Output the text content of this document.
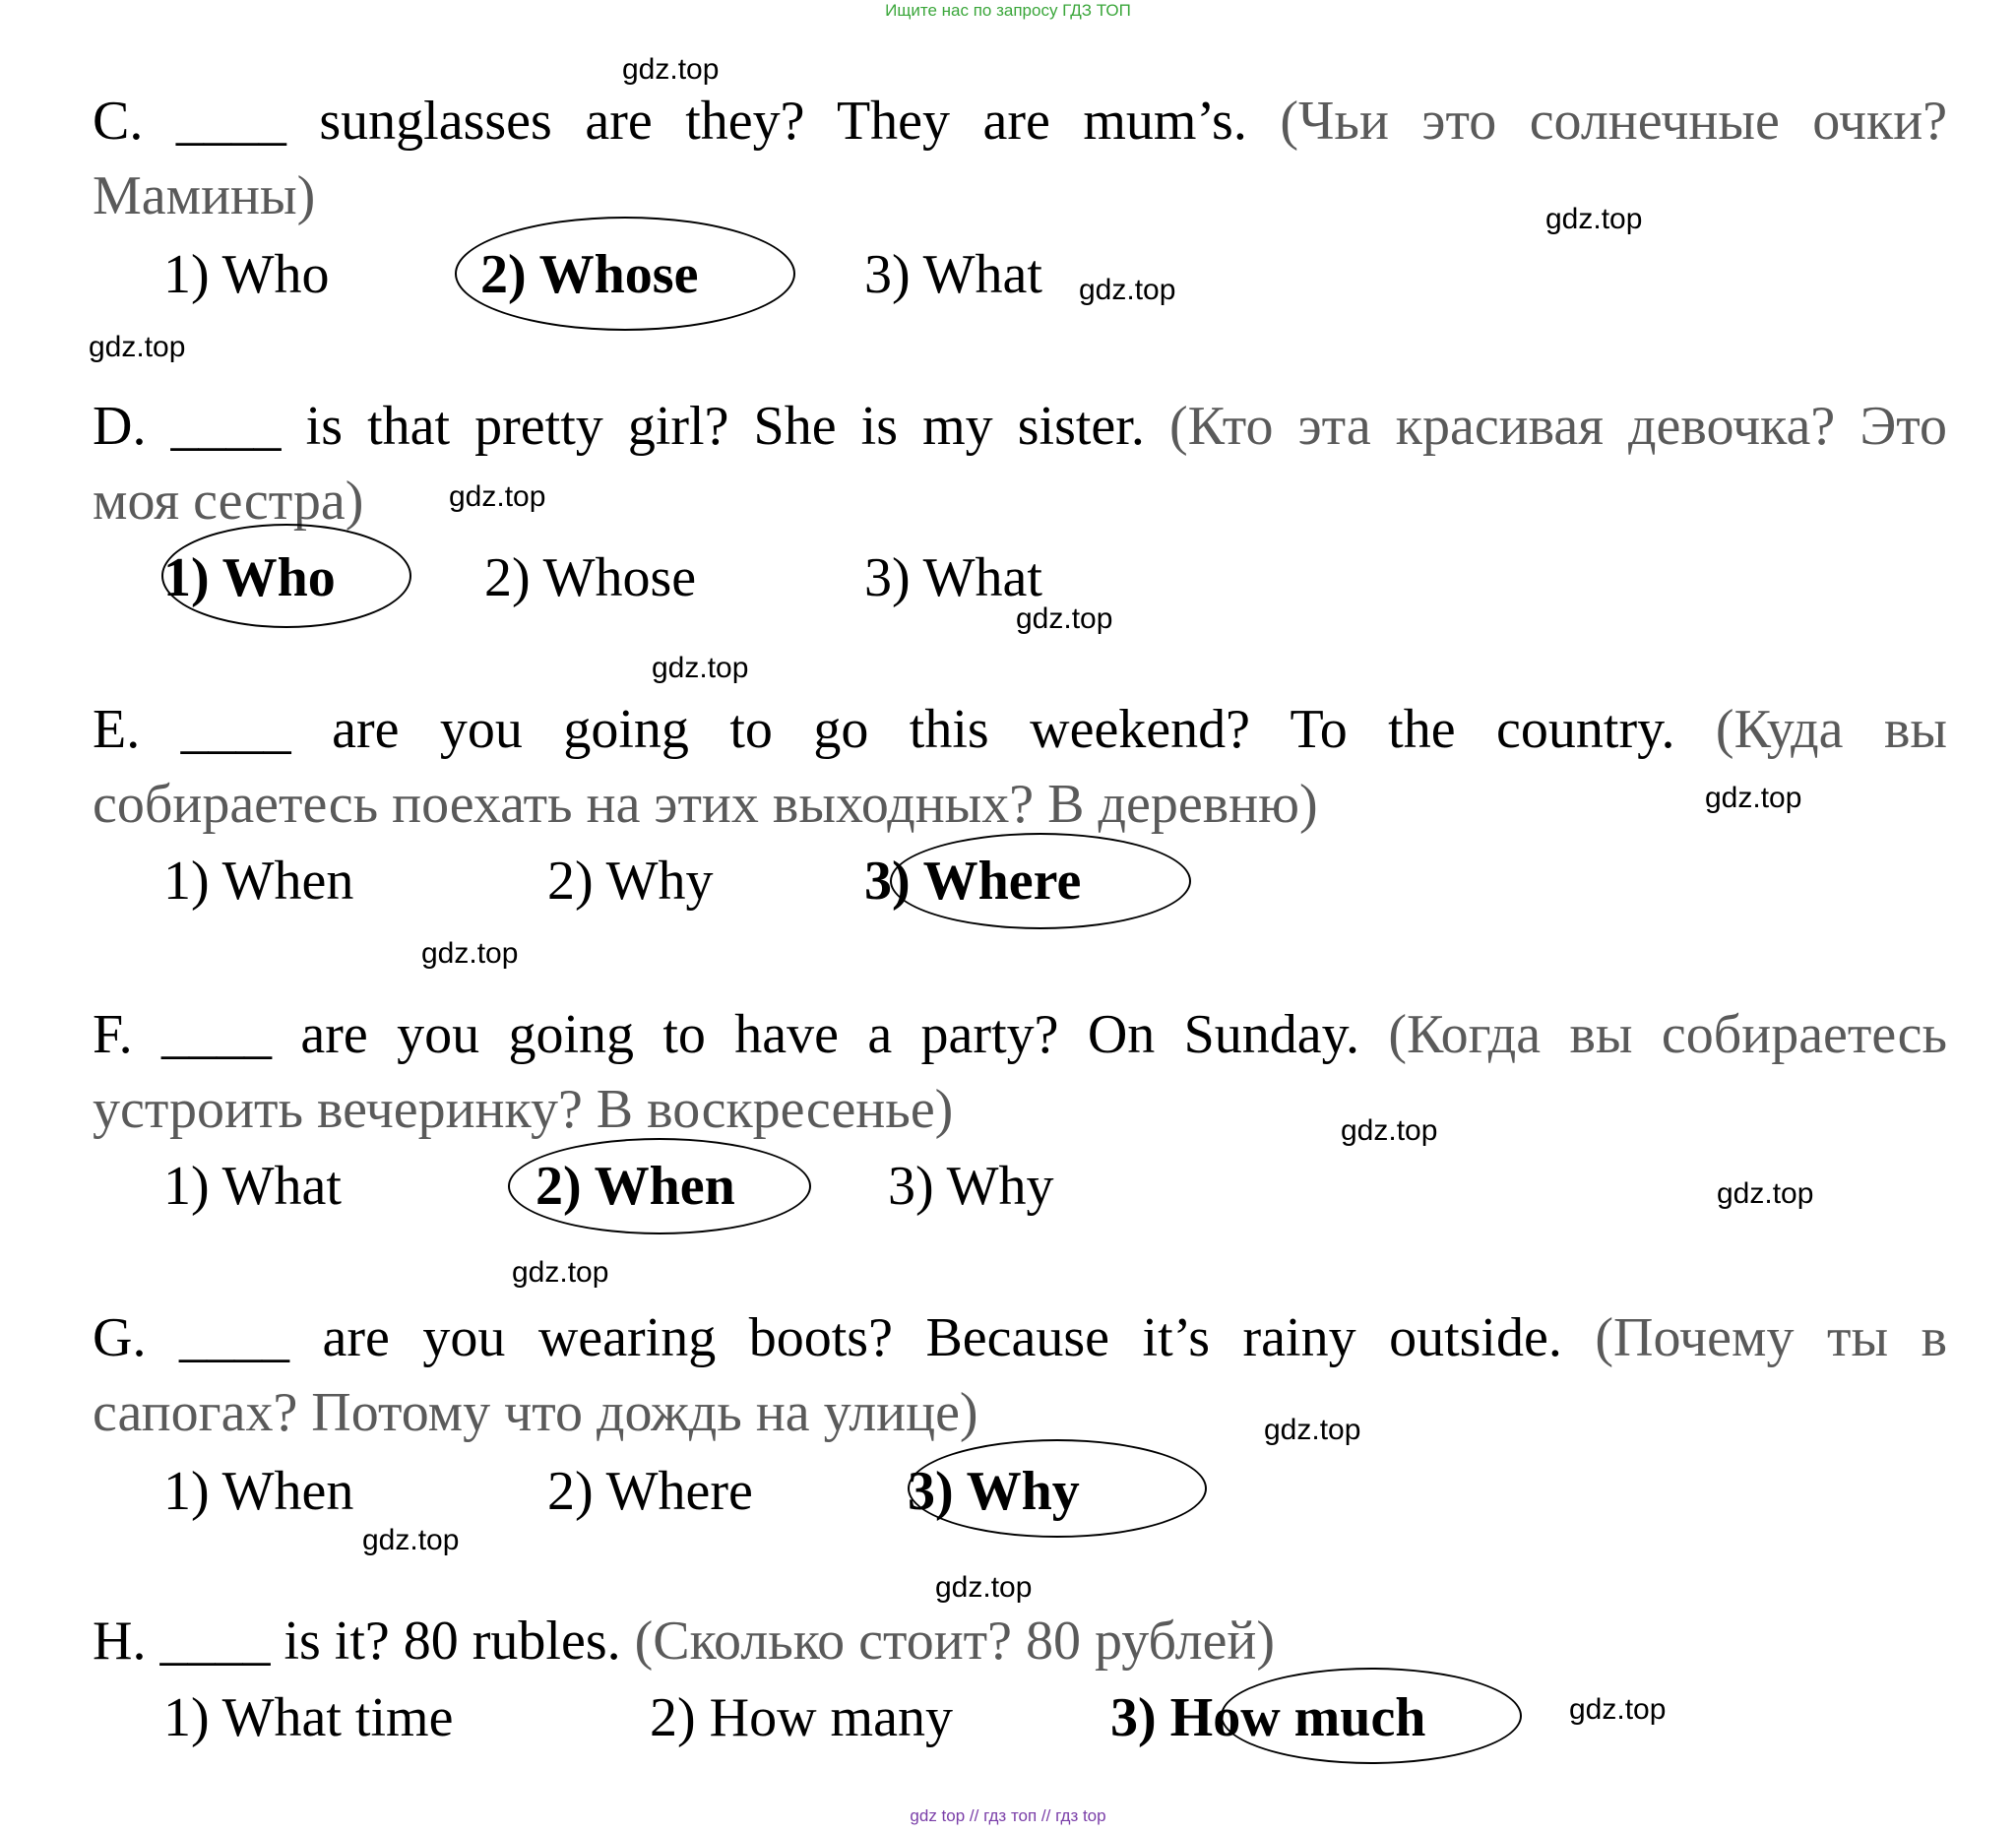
Ищите нас по запросу ГДЗ ТОП
gdz.top
gdz.top
gdz.top
gdz.top
gdz.top
gdz.top
gdz.top
gdz.top
gdz.top
gdz.top
gdz.top
gdz.top
gdz.top
gdz.top
gdz.top
gdz.top
C. ____ sunglasses are they? They are mum’s. (Чьи это солнечные очки?
Мамины)
1) Who	2) Whose	3) What
D. ____ is that pretty girl? She is my sister. (Кто эта красивая девочка? Это
моя сестра)
1) Who	2) Whose	3) What
E. ____ are you going to go this weekend? To the country. (Куда вы
собираетесь поехать на этих выходных? В деревню)
1) When	2) Why	3) Where
F. ____ are you going to have a party? On Sunday. (Когда вы собираетесь
устроить вечеринку? В воскресенье)
1) What	2) When	3) Why
G. ____ are you wearing boots? Because it’s rainy outside. (Почему ты в
сапогах? Потому что дождь на улице)
1) When	2) Where	3) Why
H. ____ is it? 80 rubles. (Сколько стоит? 80 рублей)
1) What time	2) How many	3) How much
gdz top // гдз топ // гдз top
